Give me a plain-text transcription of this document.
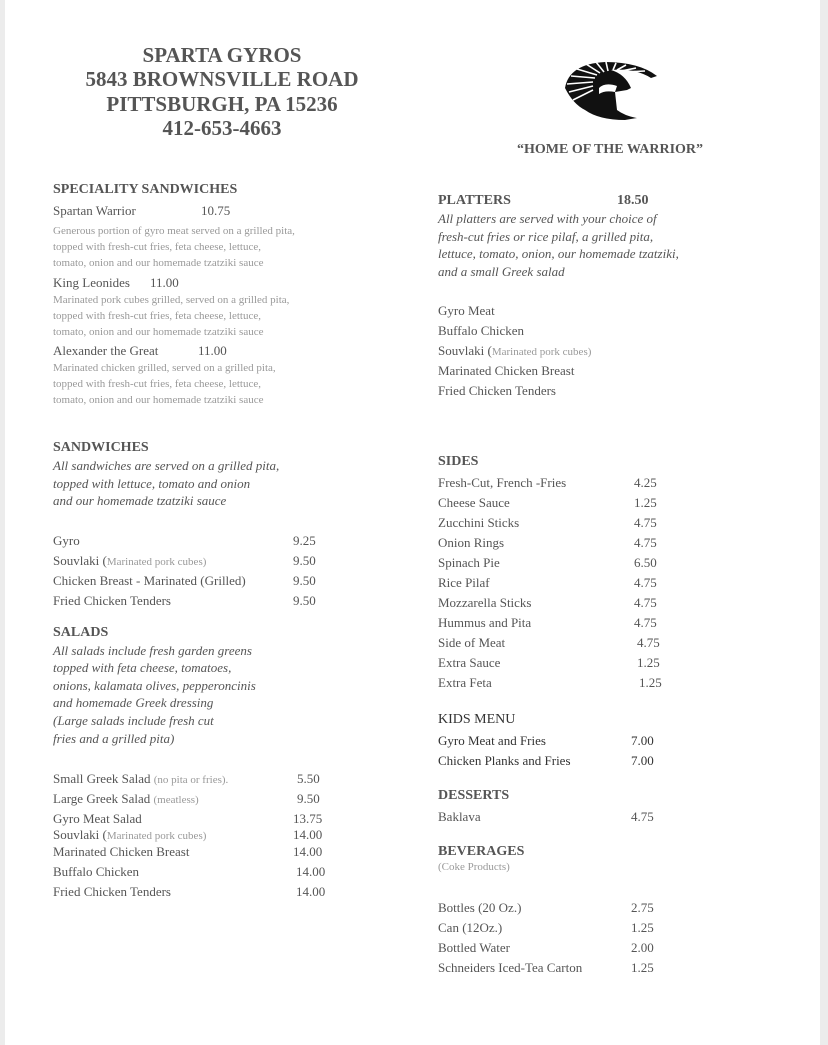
SPARTA GYROS
5843 BROWNSVILLE ROAD
PITTSBURGH, PA 15236
412-653-4663
“HOME OF THE WARRIOR”
SPECIALITY SANDWICHES
Spartan Warrior	10.75
Generous portion of gyro meat served on a grilled pita,
topped with fresh-cut fries, feta cheese, lettuce,
tomato, onion and our homemade tzatziki sauce
King Leonides 11.00
Marinated pork cubes grilled, served on a grilled pita,
topped with fresh-cut fries, feta cheese, lettuce,
tomato, onion and our homemade tzatziki sauce
Alexander the Great	11.00
Marinated chicken grilled, served on a grilled pita,
topped with fresh-cut fries, feta cheese, lettuce,
tomato, onion and our homemade tzatziki sauce
SANDWICHES
All sandwiches are served on a grilled pita,
topped with lettuce, tomato and onion
and our homemade tzatziki sauce
Gyro	9.25
Souvlaki (Marinated pork cubes)	9.50
Chicken Breast - Marinated (Grilled)	9.50
Fried Chicken Tenders	9.50
SALADS
All salads include fresh garden greens
topped with feta cheese, tomatoes,
onions, kalamata olives, pepperoncinis
and homemade Greek dressing
(Large salads include fresh cut
fries and a grilled pita)
Small Greek Salad (no pita or fries).	5.50
Large Greek Salad (meatless)	9.50
Gyro Meat Salad	13.75
Souvlaki (Marinated pork cubes)	14.00
Marinated Chicken Breast	14.00
Buffalo Chicken	14.00
Fried Chicken Tenders	14.00
PLATTERS	18.50
All platters are served with your choice of
fresh-cut fries or rice pilaf, a grilled pita,
lettuce, tomato, onion, our homemade tzatziki,
and a small Greek salad
Gyro Meat
Buffalo Chicken
Souvlaki (Marinated pork cubes)
Marinated Chicken Breast
Fried Chicken Tenders
SIDES
Fresh-Cut, French -Fries	4.25
Cheese Sauce	1.25
Zucchini Sticks	4.75
Onion Rings	4.75
Spinach Pie	6.50
Rice Pilaf	4.75
Mozzarella Sticks	4.75
Hummus and Pita	4.75
Side of Meat	4.75
Extra Sauce	1.25
Extra Feta	1.25
KIDS MENU
Gyro Meat and Fries	7.00
Chicken Planks and Fries	7.00
DESSERTS
Baklava	4.75
BEVERAGES
(Coke Products)
Bottles (20 Oz.)	2.75
Can (12Oz.)	1.25
Bottled Water	2.00
Schneiders Iced-Tea Carton	1.25
